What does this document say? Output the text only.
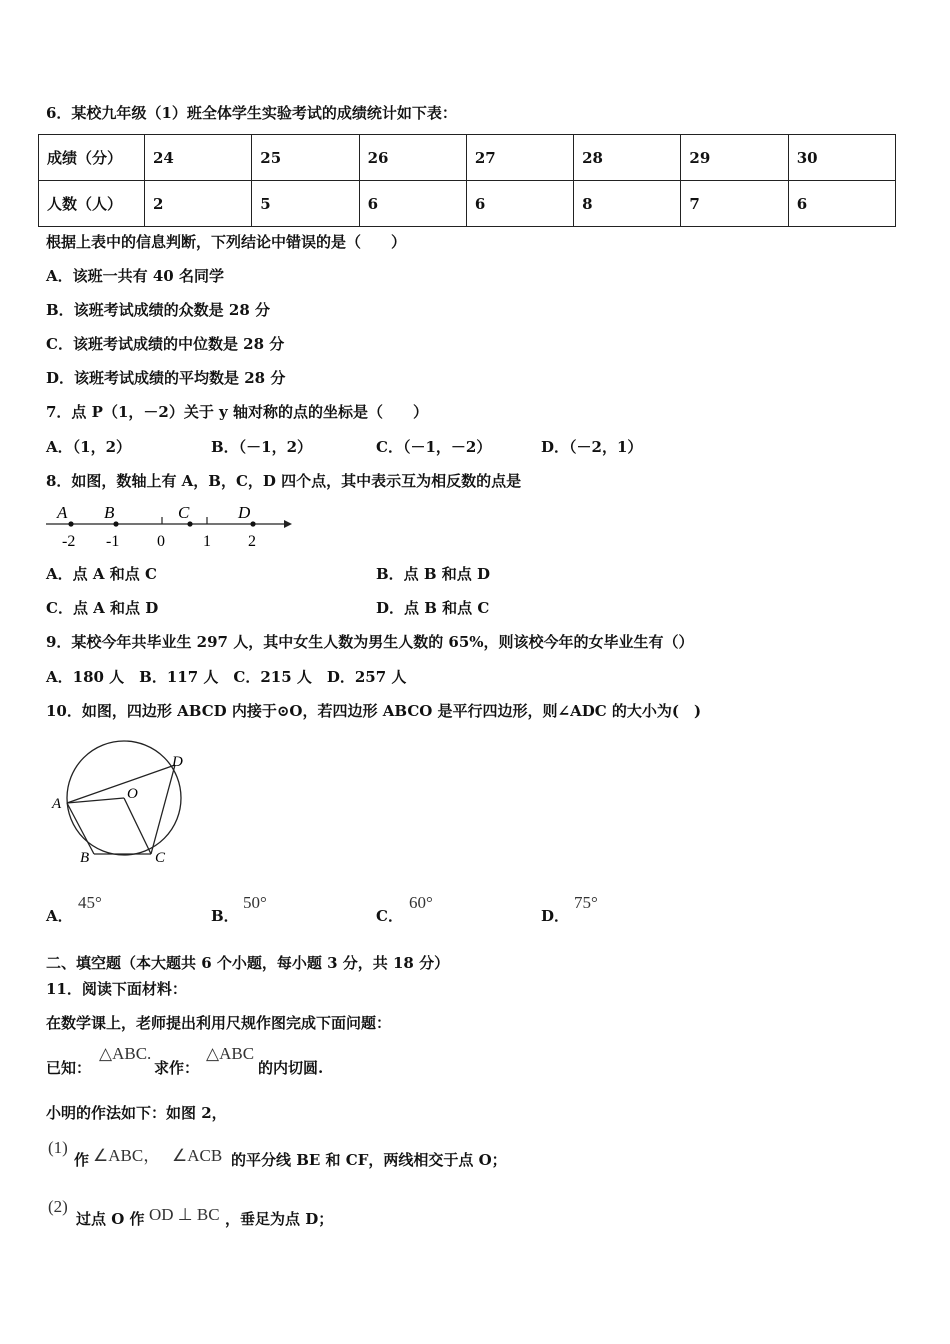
6．某校九年级（1）班全体学生实验考试的成绩统计如下表：
成绩（分）	24	25	26	27	28	29	30
人数（人）	2	5	6	6	8	7	6
根据上表中的信息判断，下列结论中错误的是（　　）
A．该班一共有 40 名同学
B．该班考试成绩的众数是 28 分
C．该班考试成绩的中位数是 28 分
D．该班考试成绩的平均数是 28 分
7．点 P（1，－2）关于 y 轴对称的点的坐标是（　　）
A．（1，2）	B．（－1，2）	C．（－1，－2）	D．（－2，1）
8．如图，数轴上有 A，B，C，D 四个点，其中表示互为相反数的点是
A B	C	D
-2 -1 0 1 2
A．点 A 和点 C	B．点 B 和点 D
C．点 A 和点 D	D．点 B 和点 C
9．某校今年共毕业生 297 人，其中女生人数为男生人数的 65%，则该校今年的女毕业生有（）
A．180 人　B．117 人　C．215 人　D．257 人
10．如图，四边形 ABCD 内接于⊙O，若四边形 ABCO 是平行四边形，则∠ADC 的大小为(　)
A
B	C
D
O
A．
45°
B．
50°
C．
60°
D．
75°
二、填空题（本大题共 6 个小题，每小题 3 分，共 18 分）
11．阅读下面材料：
在数学课上，老师提出利用尺规作图完成下面问题：
已知：
△ABC.
求作：
△ABC
的内切圆.
小明的作法如下：如图 2，
(1)
作 ∠ABC， ∠ACB 的平分线 BE 和 CF，两线相交于点 O；
(2)
过点 O 作 OD ⊥ BC ，垂足为点 D；
